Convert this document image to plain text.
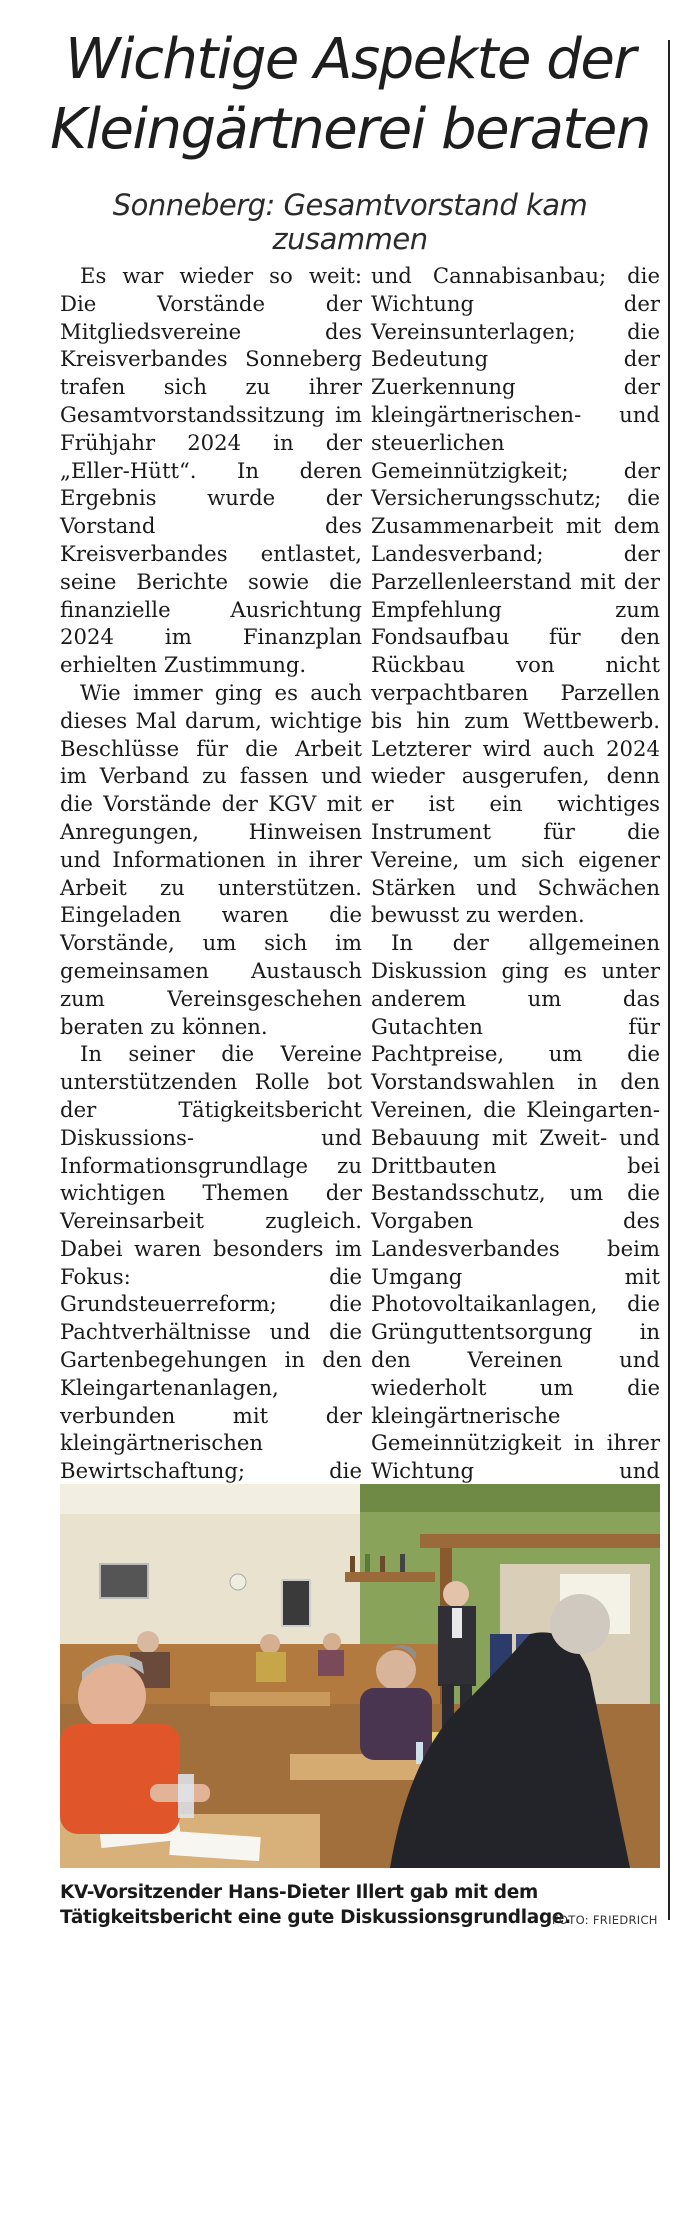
Wichtige Aspekte der
Kleingärtnerei beraten
Sonneberg: Gesamtvorstand kam zusammen

Es war wieder so weit: Die Vorstände der Mitgliedsvereine des Kreisverbandes Sonneberg trafen sich zu ihrer Gesamtvorstandssitzung im Frühjahr 2024 in der „Eller-Hütt“. In deren Ergebnis wurde der Vorstand des Kreisverbandes entlastet, seine Berichte sowie die finanzielle Ausrichtung 2024 im Finanzplan erhielten Zustimmung.

Wie immer ging es auch dieses Mal darum, wichtige Beschlüsse für die Arbeit im Verband zu fassen und die Vorstände der KGV mit Anregungen, Hinweisen und Informationen in ihrer Arbeit zu unterstützen. Eingeladen waren die Vorstände, um sich im gemeinsamen Austausch zum Vereinsgeschehen beraten zu können.

In seiner die Vereine unterstützenden Rolle bot der Tätigkeitsbericht Diskussions- und Informationsgrundlage zu wichtigen Themen der Vereinsarbeit zugleich. Dabei waren besonders im Fokus: die Grundsteuerreform; die Pachtverhältnisse und die Gartenbegehungen in den Kleingartenanlagen, verbunden mit der kleingärtnerischen Bewirtschaftung; die

und Cannabisanbau; die Wichtung der Vereinsunterlagen; die Bedeutung der Zuerkennung der kleingärtnerischen- und steuerlichen Gemeinnützigkeit; der Versicherungsschutz; die Zusammenarbeit mit dem Landesverband; der Parzellenleerstand mit der Empfehlung zum Fondsaufbau für den Rückbau von nicht verpachtbaren Parzellen bis hin zum Wettbewerb. Letzterer wird auch 2024 wieder ausgerufen, denn er ist ein wichtiges Instrument für die Vereine, um sich eigener Stärken und Schwächen bewusst zu werden.

In der allgemeinen Diskussion ging es unter anderem um das Gutachten für Pachtpreise, um die Vorstandswahlen in den Vereinen, die Kleingarten-Bebauung mit Zweit- und Drittbauten bei Bestandsschutz, um die Vorgaben des Landesverbandes beim Umgang mit Photovoltaikanlagen, die Grünguttentsorgung in den Vereinen und wiederholt um die kleingärtnerische Gemeinnützigkeit in ihrer Wichtung und

KV-Vorsitzender Hans-Dieter Illert gab mit dem Tätigkeitsbericht eine gute Diskussionsgrundlage.
FOTO: FRIEDRICH
